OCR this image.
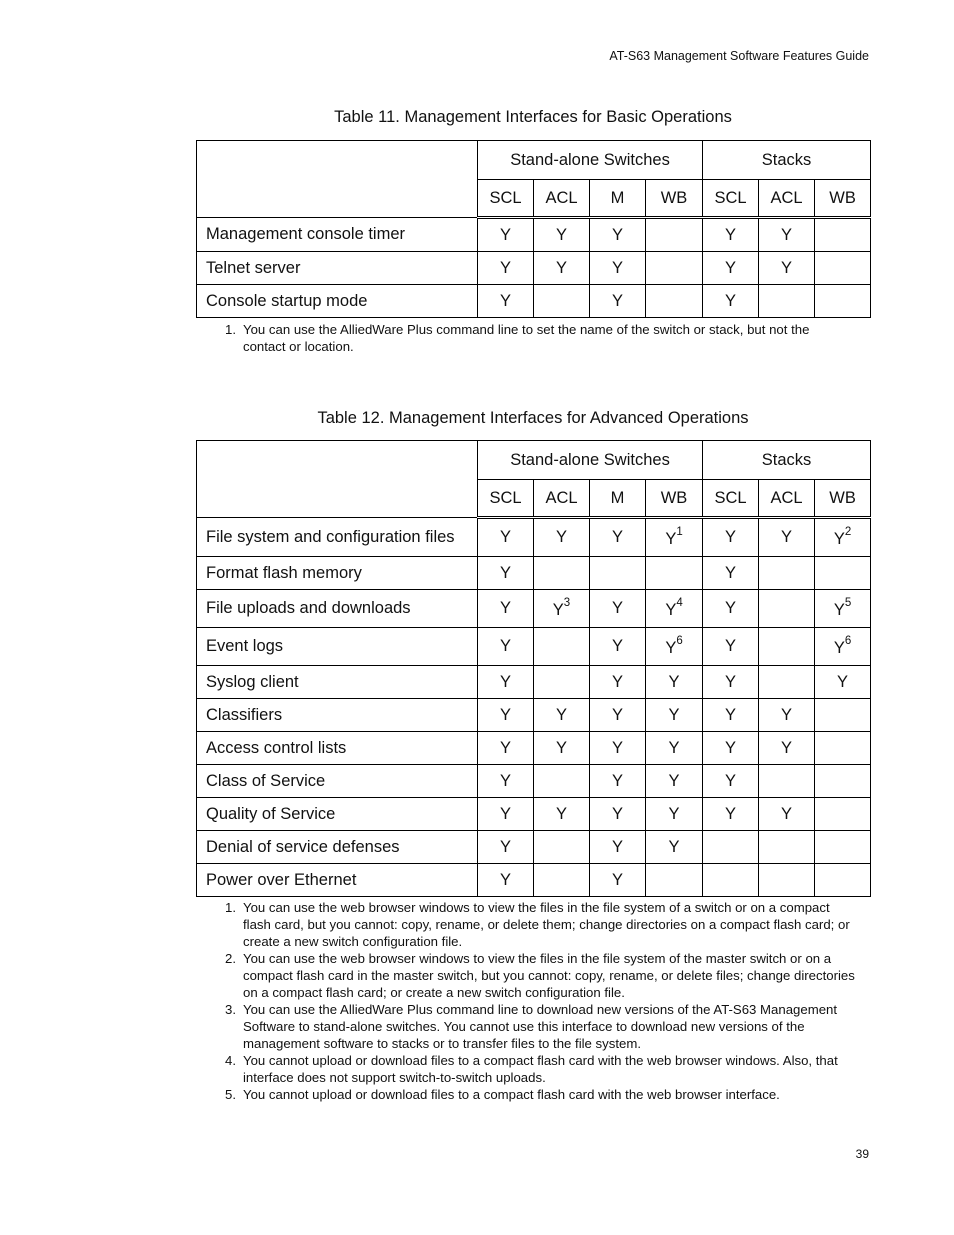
AT-S63 Management Software Features Guide
Table 11. Management Interfaces for Basic Operations
	Stand-alone Switches				Stacks		
	SCL	ACL	M	WB	SCL	ACL	WB
Management console timer	Y	Y	Y		Y	Y	
Telnet server	Y	Y	Y		Y	Y	
Console startup mode	Y		Y		Y		
1. You can use the AlliedWare Plus command line to set the name of the switch or stack, but not the contact or location.
Table 12. Management Interfaces for Advanced Operations
	Stand-alone Switches				Stacks		
	SCL	ACL	M	WB	SCL	ACL	WB
File system and configuration files	Y	Y	Y	$Y^1$	Y	Y	$Y^2$
Format flash memory	Y				Y		
File uploads and downloads	Y	$Y^3$	Y	$Y^4$	Y		$Y^5$
Event logs	Y		Y	$Y^6$	Y		$Y^6$
Syslog client	Y		Y	Y	Y		Y
Classifiers	Y	Y	Y	Y	Y	Y	
Access control lists	Y	Y	Y	Y	Y	Y	
Class of Service	Y		Y	Y	Y		
Quality of Service	Y	Y	Y	Y	Y	Y	
Denial of service defenses	Y		Y	Y			
Power over Ethernet	Y		Y				
1. You can use the web browser windows to view the files in the file system of a switch or on a compact flash card, but you cannot: copy, rename, or delete them; change directories on a compact flash card; or create a new switch configuration file.
2. You can use the web browser windows to view the files in the file system of the master switch or on a compact flash card in the master switch, but you cannot: copy, rename, or delete files; change directories on a compact flash card; or create a new switch configuration file.
3. You can use the AlliedWare Plus command line to download new versions of the AT-S63 Management Software to stand-alone switches. You cannot use this interface to download new versions of the management software to stacks or to transfer files to the file system.
4. You cannot upload or download files to a compact flash card with the web browser windows. Also, that interface does not support switch-to-switch uploads.
5. You cannot upload or download files to a compact flash card with the web browser interface.
39
